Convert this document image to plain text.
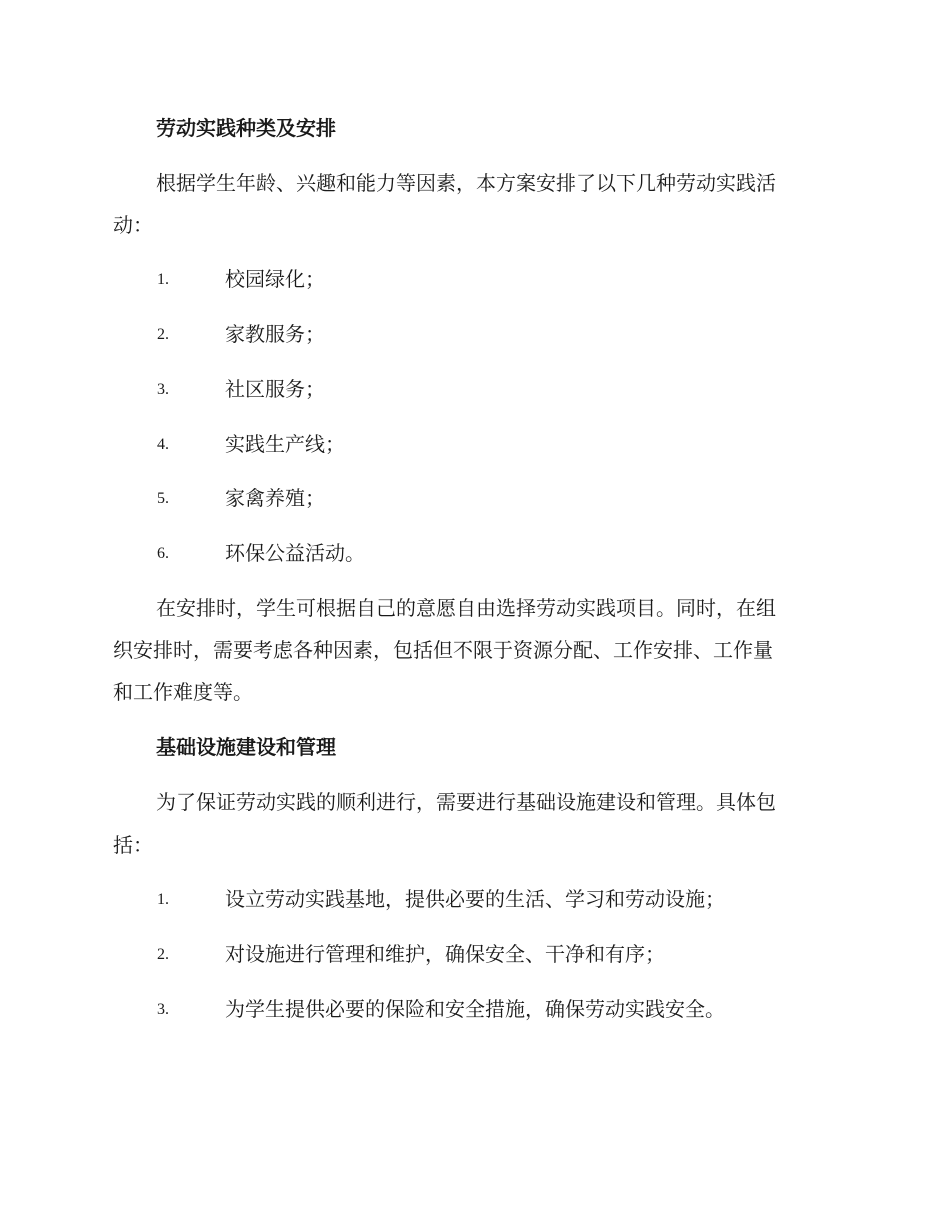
劳动实践种类及安排
根据学生年龄、兴趣和能力等因素，本方案安排了以下几种劳动实践活
动：
1.	校园绿化；
2.	家教服务；
3.	社区服务；
4.	实践生产线；
5.	家禽养殖；
6.	环保公益活动。
在安排时，学生可根据自己的意愿自由选择劳动实践项目。同时，在组
织安排时，需要考虑各种因素，包括但不限于资源分配、工作安排、工作量
和工作难度等。
基础设施建设和管理
为了保证劳动实践的顺利进行，需要进行基础设施建设和管理。具体包
括：
1.	设立劳动实践基地，提供必要的生活、学习和劳动设施；
2.	对设施进行管理和维护，确保安全、干净和有序；
3.	为学生提供必要的保险和安全措施，确保劳动实践安全。
